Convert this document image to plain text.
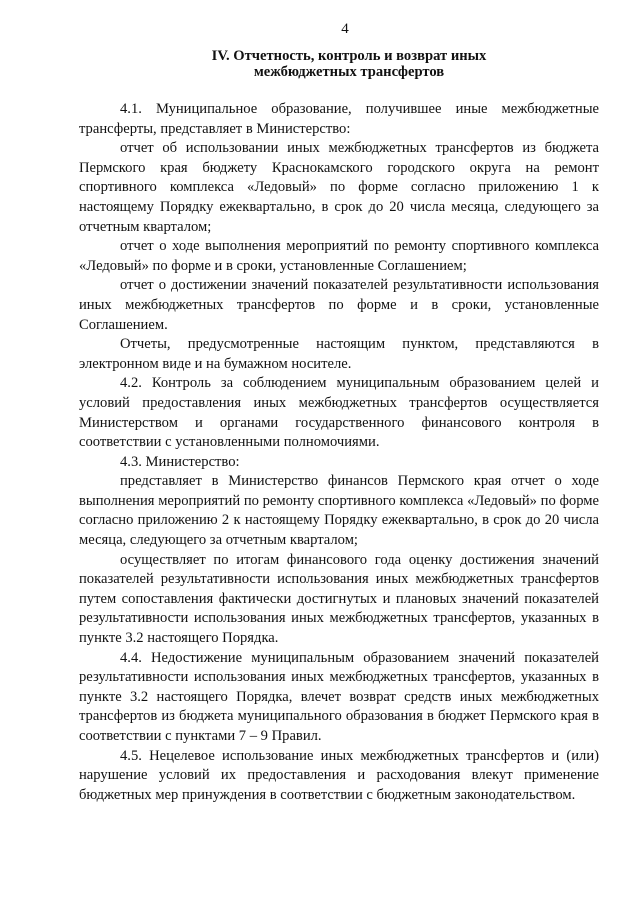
4
IV. Отчетность, контроль и возврат иных
межбюджетных трансфертов

4.1. Муниципальное образование, получившее иные межбюджетные трансферты, представляет в Министерство:

отчет об использовании иных межбюджетных трансфертов из бюджета Пермского края бюджету Краснокамского городского округа на ремонт спортивного комплекса «Ледовый» по форме согласно приложению 1 к настоящему Порядку ежеквартально, в срок до 20 числа месяца, следующего за отчетным кварталом;

отчет о ходе выполнения мероприятий по ремонту спортивного комплекса «Ледовый» по форме и в сроки, установленные Соглашением;

отчет о достижении значений показателей результативности использования иных межбюджетных трансфертов по форме и в сроки, установленные Соглашением.

Отчеты, предусмотренные настоящим пунктом, представляются в электронном виде и на бумажном носителе.

4.2. Контроль за соблюдением муниципальным образованием целей и условий предоставления иных межбюджетных трансфертов осуществляется Министерством и органами государственного финансового контроля в соответствии с установленными полномочиями.

4.3. Министерство:

представляет в Министерство финансов Пермского края отчет о ходе выполнения мероприятий по ремонту спортивного комплекса «Ледовый» по форме согласно приложению 2 к настоящему Порядку ежеквартально, в срок до 20 числа месяца, следующего за отчетным кварталом;

осуществляет по итогам финансового года оценку достижения значений показателей результативности использования иных межбюджетных трансфертов путем сопоставления фактически достигнутых и плановых значений показателей результативности использования иных межбюджетных трансфертов, указанных в пункте 3.2 настоящего Порядка.

4.4. Недостижение муниципальным образованием значений показателей результативности использования иных межбюджетных трансфертов, указанных в пункте 3.2 настоящего Порядка, влечет возврат средств иных межбюджетных трансфертов из бюджета муниципального образования в бюджет Пермского края в соответствии с пунктами 7 – 9 Правил.

4.5. Нецелевое использование иных межбюджетных трансфертов и (или) нарушение условий их предоставления и расходования влекут применение бюджетных мер принуждения в соответствии с бюджетным законодательством.
